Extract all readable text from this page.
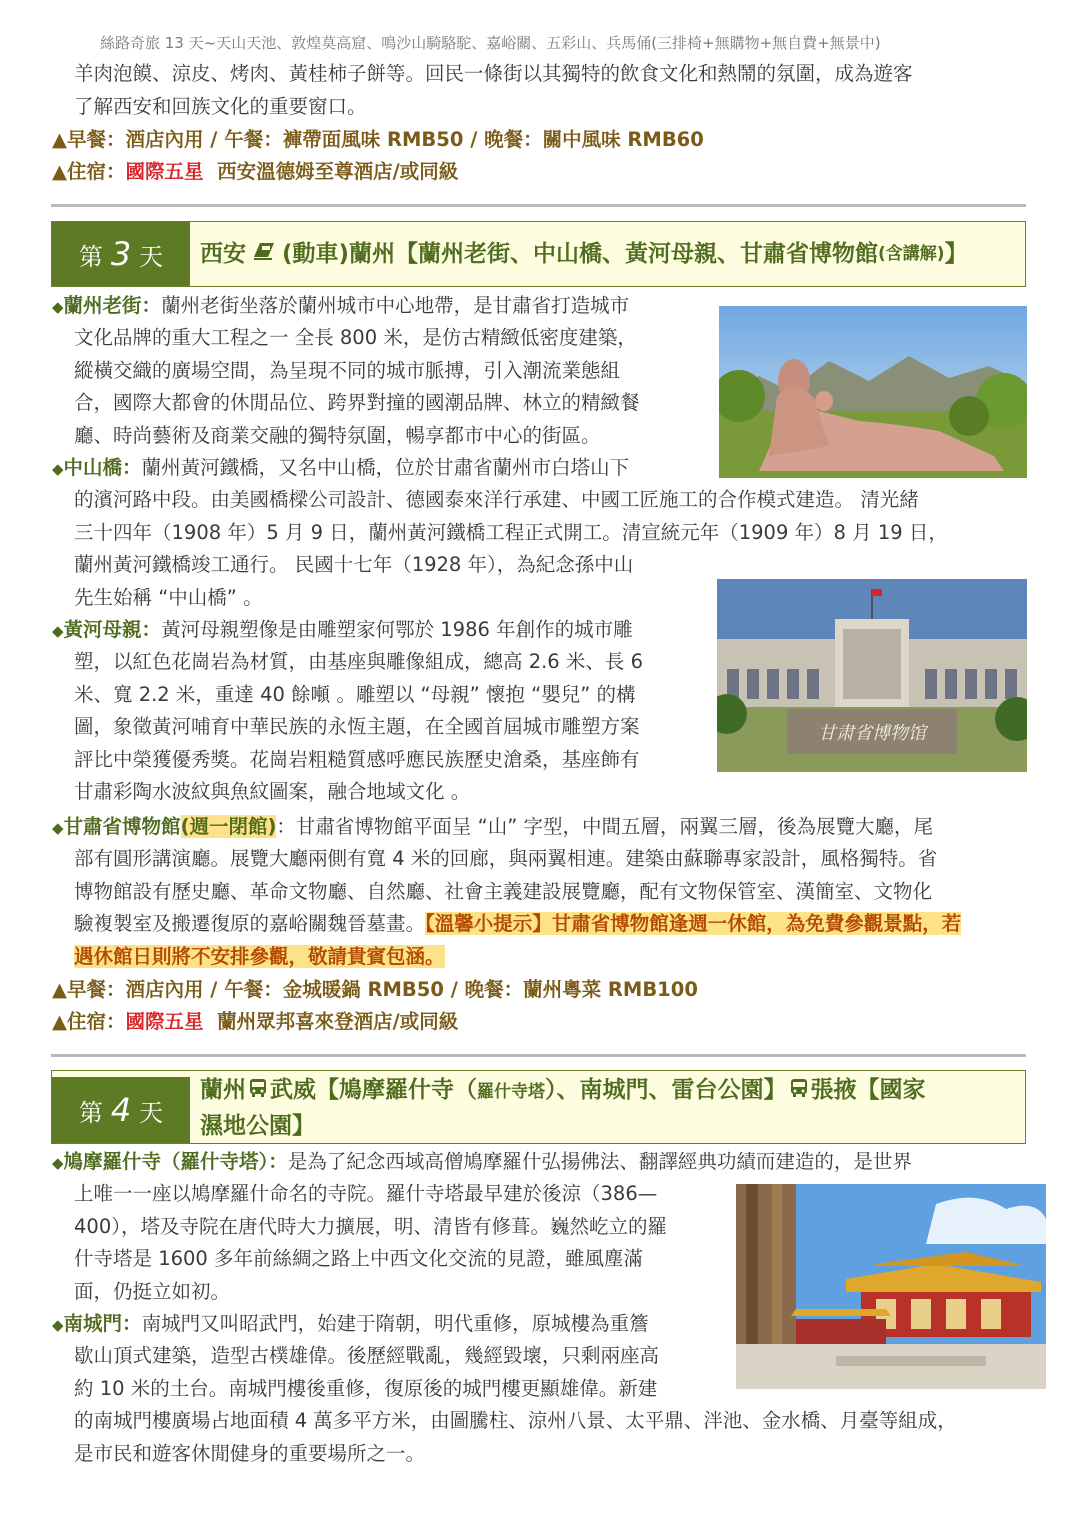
絲路奇旅 13 天~天山天池、敦煌莫高窟、鳴沙山騎駱駝、嘉峪關、五彩山、兵馬俑(三排椅+無購物+無自費+無景中)

羊肉泡饃、涼皮、烤肉、黃桂柿子餅等。回民一條街以其獨特的飲食文化和熱鬧的氛圍，成為遊客

了解西安和回族文化的重要窗口。

▲早餐：酒店內用 / 午餐：褲帶面風味 RMB50 / 晚餐：關中風味 RMB60
▲住宿：國際五星 西安溫德姆至尊酒店/或同級
第 3 天 西安 (動車)蘭州【蘭州老街、中山橋、黃河母親、甘肅省博物館 (含講解) 】
甘肃省博物馆

◆蘭州老街：蘭州老街坐落於蘭州城市中心地帶，是甘肅省打造城市

文化品牌的重大工程之一 全長 800 米，是仿古精緻低密度建築，

縱橫交織的廣場空間，為呈現不同的城市脈搏，引入潮流業態組

合，國際大都會的休閒品位、跨界對撞的國潮品牌、林立的精緻餐

廳、時尚藝術及商業交融的獨特氛圍，暢享都市中心的街區。

◆中山橋：蘭州黃河鐵橋，又名中山橋，位於甘肅省蘭州市白塔山下

的濱河路中段。由美國橋樑公司設計、德國泰來洋行承建、中國工匠施工的合作模式建造。 清光緒

三十四年（1908 年）5 月 9 日，蘭州黃河鐵橋工程正式開工。清宣統元年（1909 年）8 月 19 日，

蘭州黃河鐵橋竣工通行。 民國十七年（1928 年），為紀念孫中山

先生始稱 “中山橋” 。

◆黃河母親：黃河母親塑像是由雕塑家何鄂於 1986 年創作的城市雕

塑，以紅色花崗岩為材質，由基座與雕像組成，總高 2.6 米、長 6

米、寬 2.2 米，重達 40 餘噸 。雕塑以 “母親” 懷抱 “嬰兒” 的構

圖，象徵黃河哺育中華民族的永恆主題，在全國首屆城市雕塑方案

評比中榮獲優秀獎。花崗岩粗糙質感呼應民族歷史滄桑，基座飾有

甘肅彩陶水波紋與魚紋圖案，融合地域文化 。

◆甘肅省博物館(週一閉館)：甘肅省博物館平面呈 “山” 字型，中間五層，兩翼三層，後為展覽大廳，尾

部有圓形講演廳。展覽大廳兩側有寬 4 米的回廊，與兩翼相連。建築由蘇聯專家設計，風格獨特。省

博物館設有歷史廳、革命文物廳、自然廳、社會主義建設展覽廳，配有文物保管室、漢簡室、文物化

驗複製室及搬遷復原的嘉峪關魏晉墓畫。【溫馨小提示】甘肅省博物館逢週一休館，為免費參觀景點，若

遇休館日則將不安排參觀，敬請貴賓包涵。

▲早餐：酒店內用 / 午餐：金城暖鍋 RMB50 / 晚餐：蘭州粵菜 RMB100
▲住宿：國際五星 蘭州眾邦喜來登酒店/或同級
第 4 天
蘭州 武威【鳩摩羅什寺（羅什寺塔）、南城門、雷台公園】 張掖【國家
濕地公園】

◆鳩摩羅什寺（羅什寺塔）：是為了紀念西域高僧鳩摩羅什弘揚佛法、翻譯經典功績而建造的，是世界

上唯一一座以鳩摩羅什命名的寺院。羅什寺塔最早建於後涼（386—

400），塔及寺院在唐代時大力擴展，明、清皆有修葺。巍然屹立的羅

什寺塔是 1600 多年前絲綢之路上中西文化交流的見證，雖風塵滿

面，仍挺立如初。

◆南城門：南城門又叫昭武門，始建于隋朝，明代重修，原城樓為重簷

歇山頂式建築，造型古樸雄偉。後歷經戰亂，幾經毀壞，只剩兩座高

約 10 米的土台。南城門樓後重修，復原後的城門樓更顯雄偉。新建

的南城門樓廣場占地面積 4 萬多平方米，由圖騰柱、涼州八景、太平鼎、泮池、金水橋、月臺等組成，

是市民和遊客休閒健身的重要場所之一。
